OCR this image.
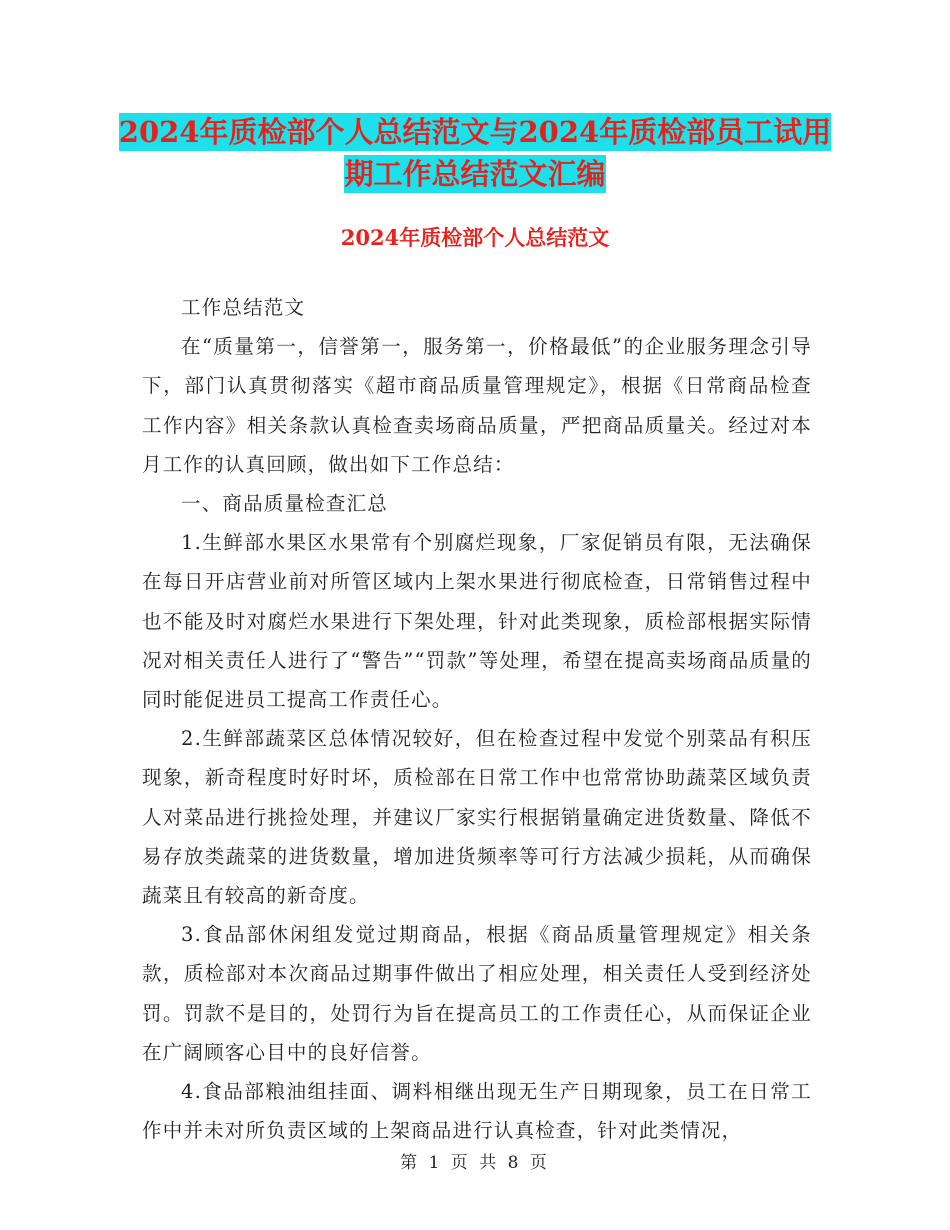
2024年质检部个人总结范文与2024年质检部员工试用
期工作总结范文汇编
2024年质检部个人总结范文

工作总结范文

在“质量第一，信誉第一，服务第一，价格最低”的企业服务理念引导下，部门认真贯彻落实《超市商品质量管理规定》，根据《日常商品检查工作内容》相关条款认真检查卖场商品质量，严把商品质量关。经过对本月工作的认真回顾，做出如下工作总结：

一、商品质量检查汇总

1.生鲜部水果区水果常有个别腐烂现象，厂家促销员有限，无法确保在每日开店营业前对所管区域内上架水果进行彻底检查，日常销售过程中也不能及时对腐烂水果进行下架处理，针对此类现象，质检部根据实际情况对相关责任人进行了“警告”“罚款”等处理，希望在提高卖场商品质量的同时能促进员工提高工作责任心。

2.生鲜部蔬菜区总体情况较好，但在检查过程中发觉个别菜品有积压现象，新奇程度时好时坏，质检部在日常工作中也常常协助蔬菜区域负责人对菜品进行挑捡处理，并建议厂家实行根据销量确定进货数量、降低不易存放类蔬菜的进货数量，增加进货频率等可行方法减少损耗，从而确保蔬菜且有较高的新奇度。

3.食品部休闲组发觉过期商品，根据《商品质量管理规定》相关条款，质检部对本次商品过期事件做出了相应处理，相关责任人受到经济处罚。罚款不是目的，处罚行为旨在提高员工的工作责任心，从而保证企业在广阔顾客心目中的良好信誉。

4.食品部粮油组挂面、调料相继出现无生产日期现象，员工在日常工作中并未对所负责区域的上架商品进行认真检查，针对此类情况，

第 1 页 共 8 页
